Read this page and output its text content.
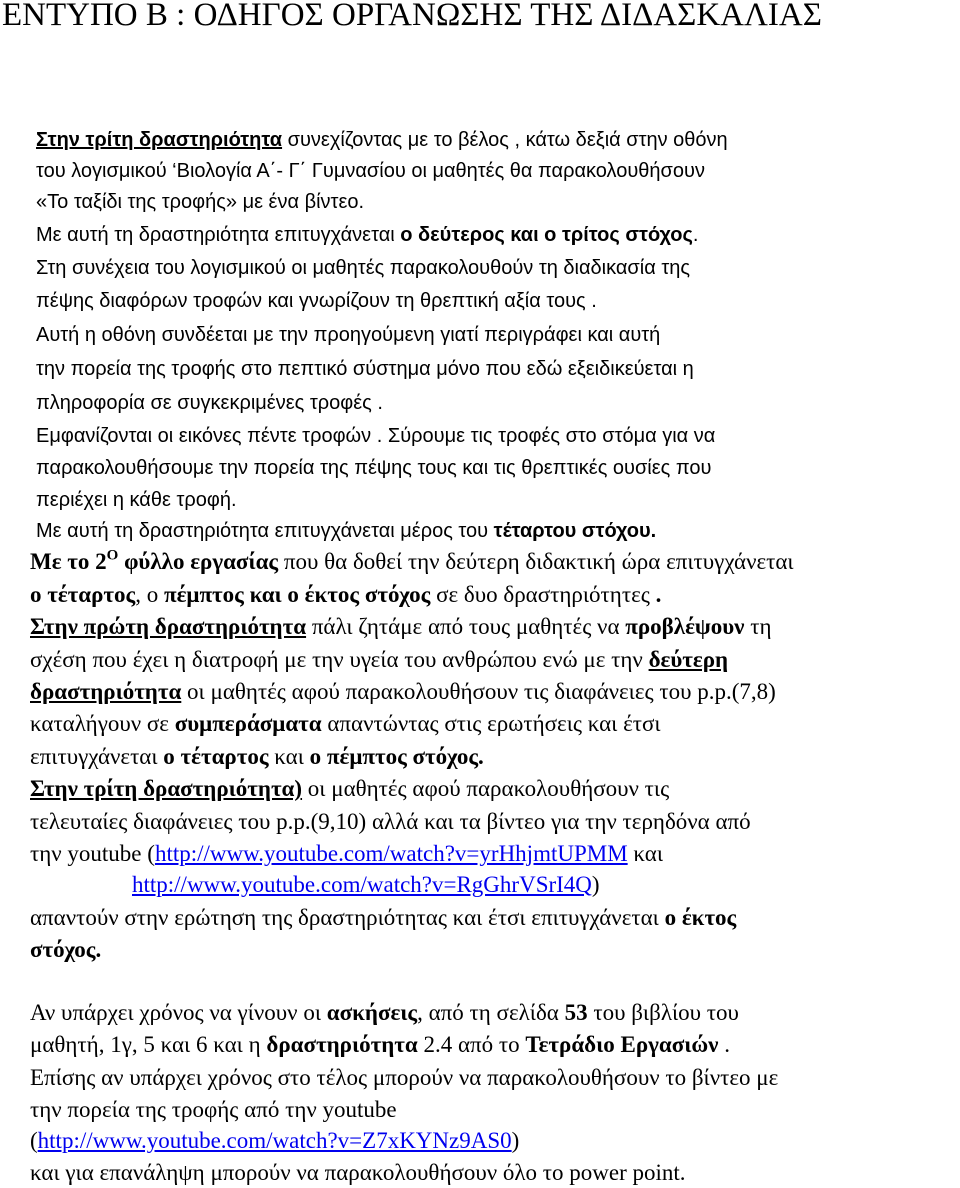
ΕΝΤΥΠΟ Β : ΟΔΗΓΟΣ ΟΡΓΑΝΩΣΗΣ ΤΗΣ ΔΙΔΑΣΚΑΛΙΑΣ
Στην τρίτη δραστηριότητα συνεχίζοντας με το βέλος , κάτω δεξιά στην οθόνη
του λογισμικού ‘Βιολογία Α΄- Γ΄ Γυμνασίου οι μαθητές θα παρακολουθήσουν
«Το ταξίδι της τροφής» με ένα βίντεο.
Με αυτή τη δραστηριότητα επιτυγχάνεται ο δεύτερος και ο τρίτος στόχος.
Στη συνέχεια του λογισμικού οι μαθητές παρακολουθούν τη διαδικασία της
πέψης διαφόρων τροφών και γνωρίζουν τη θρεπτική αξία τους .
Αυτή η οθόνη συνδέεται με την προηγούμενη γιατί περιγράφει και αυτή
την πορεία της τροφής στο πεπτικό σύστημα μόνο που εδώ εξειδικεύεται η
πληροφορία σε συγκεκριμένες τροφές .
Εμφανίζονται οι εικόνες πέντε τροφών . Σύρουμε τις τροφές στο στόμα για να
παρακολουθήσουμε την πορεία της πέψης τους και τις θρεπτικές ουσίες που
περιέχει η κάθε τροφή.
Με αυτή τη δραστηριότητα επιτυγχάνεται μέρος του τέταρτου στόχου.
Με το $2^O$ φύλλο εργασίας που θα δοθεί την δεύτερη διδακτική ώρα επιτυγχάνεται
ο τέταρτος, ο πέμπτος και ο έκτος στόχος σε δυο δραστηριότητες .
Στην πρώτη δραστηριότητα πάλι ζητάμε από τους μαθητές να προβλέψουν τη
σχέση που έχει η διατροφή με την υγεία του ανθρώπου ενώ με την δεύτερη
δραστηριότητα οι μαθητές αφού παρακολουθήσουν τις διαφάνειες του p.p.(7,8)
καταλήγουν σε συμπεράσματα απαντώντας στις ερωτήσεις και έτσι
επιτυγχάνεται ο τέταρτος και ο πέμπτος στόχος.
Στην τρίτη δραστηριότητα) οι μαθητές αφού παρακολουθήσουν τις
τελευταίες διαφάνειες του p.p.(9,10) αλλά και τα βίντεο για την τερηδόνα από
την youtube (http://www.youtube.com/watch?v=yrHhjmtUPMM και
http://www.youtube.com/watch?v=RgGhrVSrI4Q)
απαντούν στην ερώτηση της δραστηριότητας και έτσι επιτυγχάνεται ο έκτος
στόχος.
Αν υπάρχει χρόνος να γίνουν οι ασκήσεις, από τη σελίδα 53 του βιβλίου του
μαθητή, 1γ, 5 και 6 και η δραστηριότητα 2.4 από το Τετράδιο Εργασιών .
Επίσης αν υπάρχει χρόνος στο τέλος μπορούν να παρακολουθήσουν το βίντεο με
την πορεία της τροφής από την youtube
(http://www.youtube.com/watch?v=Z7xKYNz9AS0)
και για επανάληψη μπορούν να παρακολουθήσουν όλο το power point.
